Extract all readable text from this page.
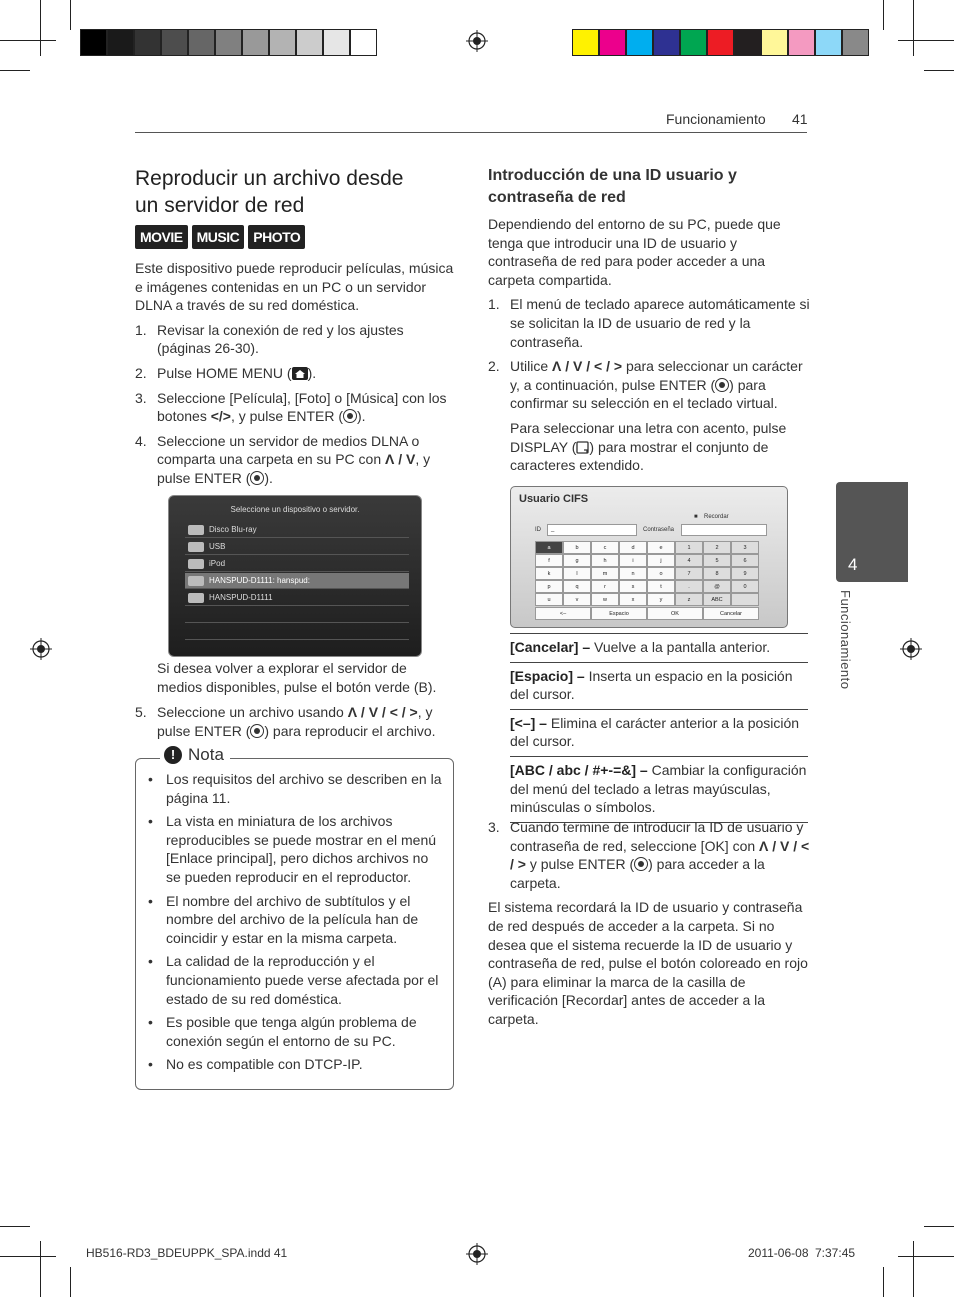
Funcionamiento 41
Reproducir un archivo desde
un servidor de red
MOVIE	MUSIC	PHOTO

Este dispositivo puede reproducir películas, música e imágenes contenidas en un PC o un servidor DLNA a través de su red doméstica.

1. Revisar la conexión de red y los ajustes (páginas 26-30).
2. Pulse HOME MENU ( ).
3. Seleccione [Película], [Foto] o [Música] con los botones </>, y pulse ENTER ( ).
4. Seleccione un servidor de medios DLNA o comparta una carpeta en su PC con Λ / V, y pulse ENTER ( ).
Seleccione un dispositivo o servidor.
Disco Blu-ray
USB
iPod
HANSPUD-D1111: hanspud:
HANSPUD-D1111

Si desea volver a explorar el servidor de medios disponibles, pulse el botón verde (B).

5. Seleccione un archivo usando Λ / V / < / >, y pulse ENTER ( ) para reproducir el archivo.
! Nota
• Los requisitos del archivo se describen en la página 11.
• La vista en miniatura de los archivos reproducibles se puede mostrar en el menú [Enlace principal], pero dichos archivos no se pueden reproducir en el reproductor.
• El nombre del archivo de subtítulos y el nombre del archivo de la película han de coincidir y estar en la misma carpeta.
• La calidad de la reproducción y el funcionamiento puede verse afectada por el estado de su red doméstica.
• Es posible que tenga algún problema de conexión según el entorno de su PC.
• No es compatible con DTCP-IP.
Introducción de una ID usuario y
contraseña de red

Dependiendo del entorno de su PC, puede que tenga que introducir una ID de usuario y contraseña de red para poder acceder a una carpeta compartida.

1. El menú de teclado aparece automáticamente si se solicitan la ID de usuario de red y la contraseña.
2. Utilice Λ / V / < / > para seleccionar un carácter y, a continuación, pulse ENTER ( ) para confirmar su selección en el teclado virtual.
Para seleccionar una letra con acento, pulse DISPLAY ( ) para mostrar el conjunto de caracteres extendido.
Usuario CIFS
■ Recordar
ID _	Contraseña
a	b	c	d	e	1	2	3
f	g	h	i	j	4	5	6
k	l	m	n	o	7	8	9
p	q	r	s	t	.	@	0
u	v	w	x	y	z	ABC
<–	Espacio	OK	Cancelar
[Cancelar] – Vuelve a la pantalla anterior.
[Espacio] – Inserta un espacio en la posición del cursor.
[<–] – Elimina el carácter anterior a la posición del cursor.
[ABC / abc / #+-=&] – Cambiar la configuración del menú del teclado a letras mayúsculas, minúsculas o símbolos.
3. Cuando termine de introducir la ID de usuario y contraseña de red, seleccione [OK] con Λ / V / < / > y pulse ENTER ( ) para acceder a la carpeta.

El sistema recordará la ID de usuario y contraseña de red después de acceder a la carpeta. Si no desea que el sistema recuerde la ID de usuario y contraseña de red, pulse el botón coloreado en rojo (A) para eliminar la marca de la casilla de verificación [Recordar] antes de acceder a la carpeta.

4
Funcionamiento
HB516-RD3_BDEUPPK_SPA.indd 41	2011-06-08 7:37:45
